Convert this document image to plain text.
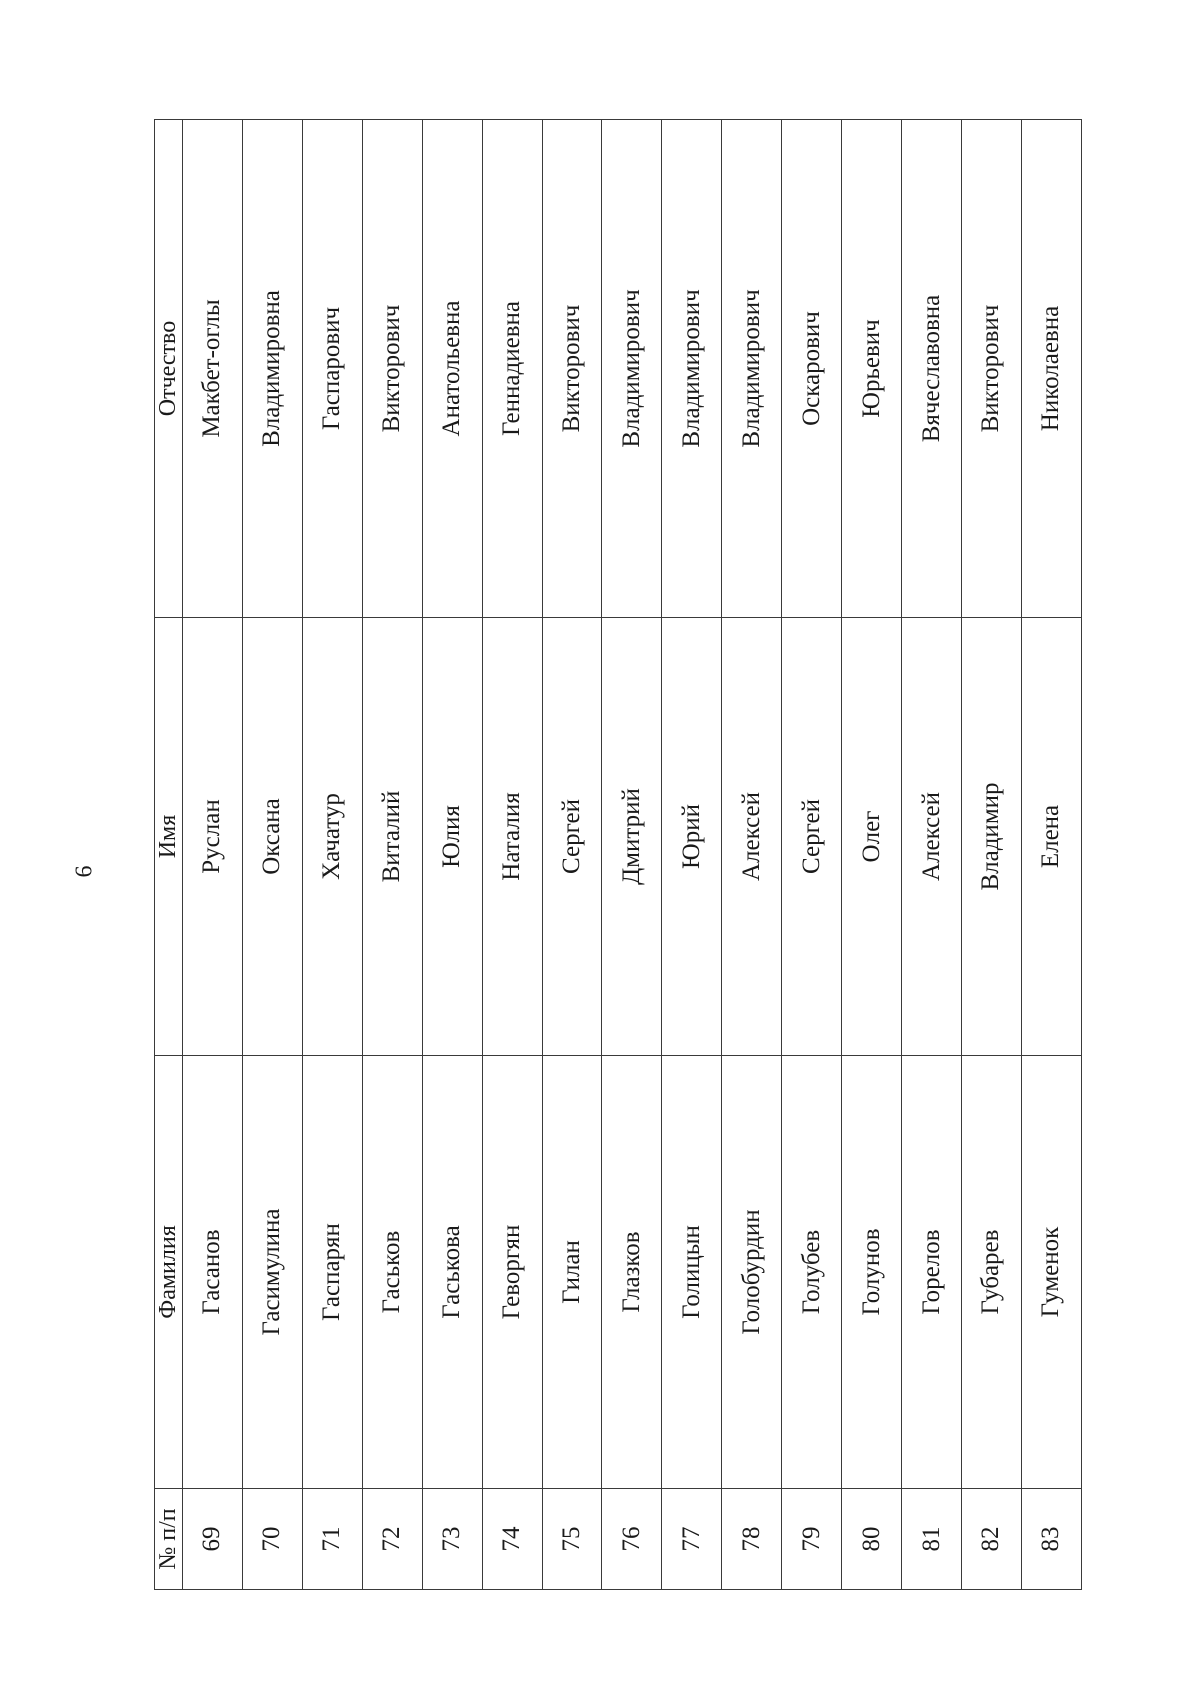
6
№ п/п	Фамилия	Имя	Отчество
69	Гасанов	Руслан	Макбет-оглы
70	Гасимулина	Оксана	Владимировна
71	Гаспарян	Хачатур	Гаспарович
72	Гаськов	Виталий	Викторович
73	Гаськова	Юлия	Анатольевна
74	Геворгян	Наталия	Геннадиевна
75	Гилан	Сергей	Викторович
76	Глазков	Дмитрий	Владимирович
77	Голицын	Юрий	Владимирович
78	Голобурдин	Алексей	Владимирович
79	Голубев	Сергей	Оскарович
80	Голунов	Олег	Юрьевич
81	Горелов	Алексей	Вячеславовна
82	Губарев	Владимир	Викторович
83	Гуменок	Елена	Николаевна
